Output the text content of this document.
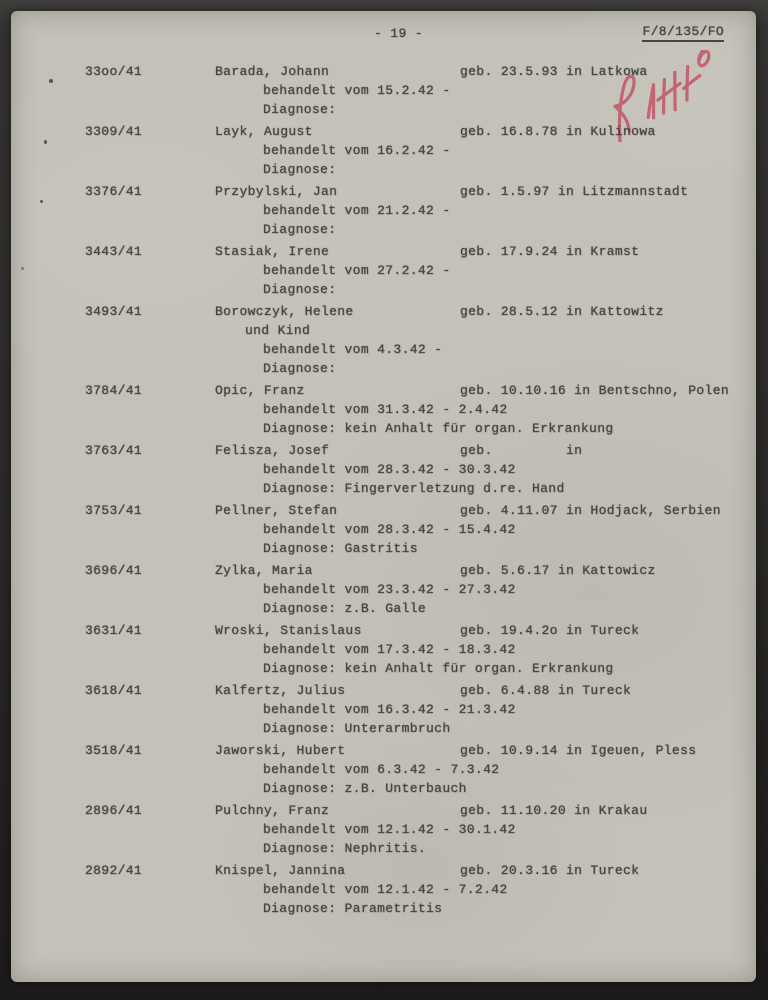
- 19 -	F/8/135/FO
33oo/41	Barada, Johann	geb. 23.5.93 in Latkowa
behandelt vom 15.2.42 -
Diagnose:
3309/41	Layk, August	geb. 16.8.78 in Kulinowa
behandelt vom 16.2.42 -
Diagnose:
3376/41	Przybylski, Jan	geb. 1.5.97 in Litzmannstadt
behandelt vom 21.2.42 -
Diagnose:
3443/41	Stasiak, Irene	geb. 17.9.24 in Kramst
behandelt vom 27.2.42 -
Diagnose:
3493/41	Borowczyk, Helene	geb. 28.5.12 in Kattowitz
und Kind
behandelt vom 4.3.42 -
Diagnose:
3784/41	Opic, Franz	geb. 10.10.16 in Bentschno, Polen
behandelt vom 31.3.42 - 2.4.42
Diagnose: kein Anhalt für organ. Erkrankung
3763/41	Felisza, Josef	geb.         in
behandelt vom 28.3.42 - 30.3.42
Diagnose: Fingerverletzung d.re. Hand
3753/41	Pellner, Stefan	geb. 4.11.07 in Hodjack, Serbien
behandelt vom 28.3.42 - 15.4.42
Diagnose: Gastritis
3696/41	Zylka, Maria	geb. 5.6.17 in Kattowicz
behandelt vom 23.3.42 - 27.3.42
Diagnose: z.B. Galle
3631/41	Wroski, Stanislaus	geb. 19.4.2o in Tureck
behandelt vom 17.3.42 - 18.3.42
Diagnose: kein Anhalt für organ. Erkrankung
3618/41	Kalfertz, Julius	geb. 6.4.88 in Tureck
behandelt vom 16.3.42 - 21.3.42
Diagnose: Unterarmbruch
3518/41	Jaworski, Hubert	geb. 10.9.14 in Igeuen, Pless
behandelt vom 6.3.42 - 7.3.42
Diagnose: z.B. Unterbauch
2896/41	Pulchny, Franz	geb. 11.10.20 in Krakau
behandelt vom 12.1.42 - 30.1.42
Diagnose: Nephritis.
2892/41	Knispel, Jannina	geb. 20.3.16 in Tureck
behandelt vom 12.1.42 - 7.2.42
Diagnose: Parametritis
